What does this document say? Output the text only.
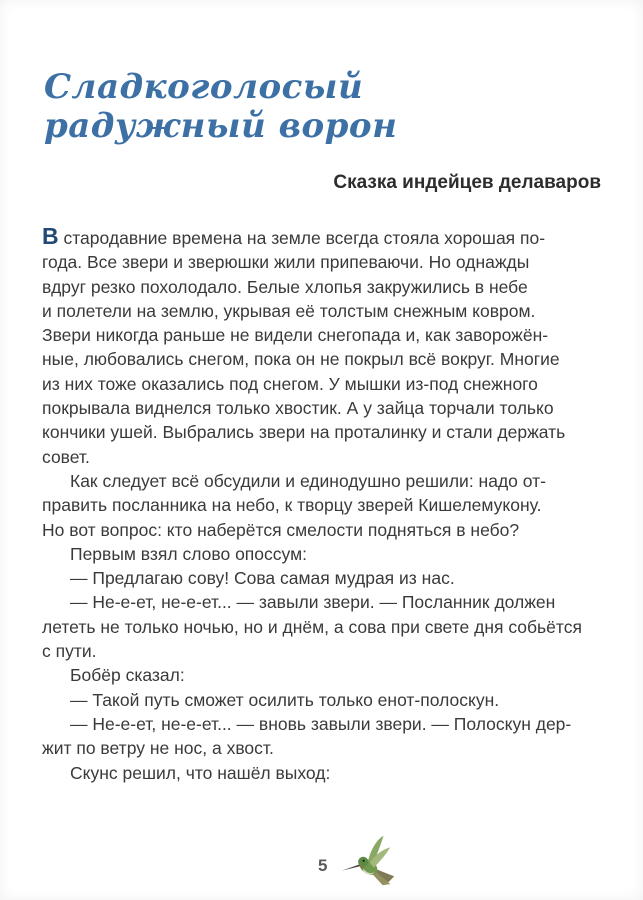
Сладкоголосый
радужный ворон
Сказка индейцев делаваров
В стародавние времена на земле всегда стояла хорошая по-
года. Все звери и зверюшки жили припеваючи. Но однажды
вдруг резко похолодало. Белые хлопья закружились в небе
и полетели на землю, укрывая её толстым снежным ковром.
Звери никогда раньше не видели снегопада и, как заворожён-
ные, любовались снегом, пока он не покрыл всё вокруг. Многие
из них тоже оказались под снегом. У мышки из-под снежного
покрывала виднелся только хвостик. А у зайца торчали только
кончики ушей. Выбрались звери на проталинку и стали держать
совет.
Как следует всё обсудили и единодушно решили: надо от-
править посланника на небо, к творцу зверей Кишелемукону.
Но вот вопрос: кто наберётся смелости подняться в небо?
Первым взял слово опоссум:
— Предлагаю сову! Сова самая мудрая из нас.
— Не-е-ет, не-е-ет... — завыли звери. — Посланник должен
лететь не только ночью, но и днём, а сова при свете дня собьётся
с пути.
Бобёр сказал:
— Такой путь сможет осилить только енот-полоскун.
— Не-е-ет, не-е-ет... — вновь завыли звери. — Полоскун дер-
жит по ветру не нос, а хвост.
Скунс решил, что нашёл выход:
5
